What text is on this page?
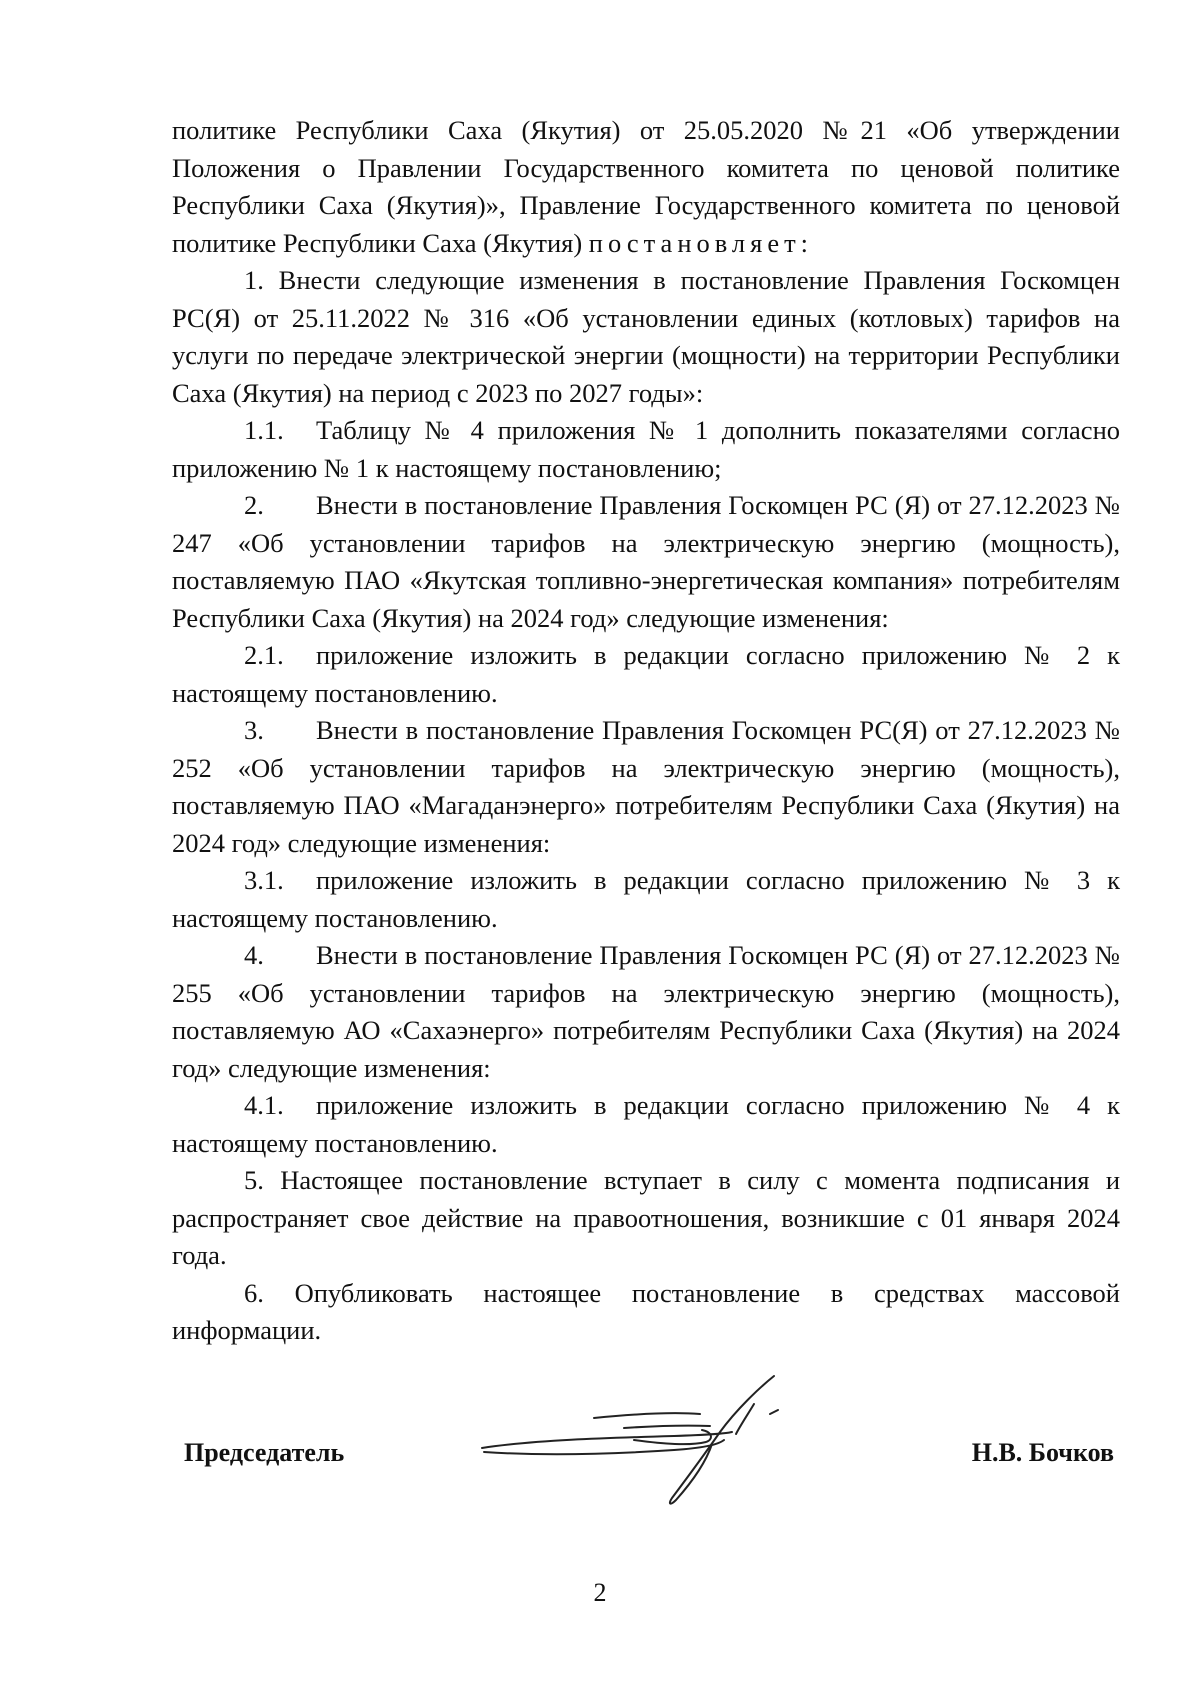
политике Республики Саха (Якутия) от 25.05.2020 №21 «Об утверждении Положения о Правлении Государственного комитета по ценовой политике Республики Саха (Якутия)», Правление Государственного комитета по ценовой политике Республики Саха (Якутия) постановляет:

1. Внести следующие изменения в постановление Правления Госкомцен РС(Я) от 25.11.2022 № 316 «Об установлении единых (котловых) тарифов на услуги по передаче электрической энергии (мощности) на территории Республики Саха (Якутия) на период с 2023 по 2027 годы»:

1.1. Таблицу № 4 приложения № 1 дополнить показателями согласно приложению № 1 к настоящему постановлению;

2. Внести в постановление Правления Госкомцен РС (Я) от 27.12.2023 № 247 «Об установлении тарифов на электрическую энергию (мощность), поставляемую ПАО «Якутская топливно-энергетическая компания» потребителям Республики Саха (Якутия) на 2024 год» следующие изменения:

2.1. приложение изложить в редакции согласно приложению № 2 к настоящему постановлению.

3. Внести в постановление Правления Госкомцен РС(Я) от 27.12.2023 № 252 «Об установлении тарифов на электрическую энергию (мощность), поставляемую ПАО «Магаданэнерго» потребителям Республики Саха (Якутия) на 2024 год» следующие изменения:

3.1. приложение изложить в редакции согласно приложению № 3 к настоящему постановлению.

4. Внести в постановление Правления Госкомцен РС (Я) от 27.12.2023 № 255 «Об установлении тарифов на электрическую энергию (мощность), поставляемую АО «Сахаэнерго» потребителям Республики Саха (Якутия) на 2024 год» следующие изменения:

4.1. приложение изложить в редакции согласно приложению № 4 к настоящему постановлению.

5. Настоящее постановление вступает в силу с момента подписания и распространяет свое действие на правоотношения, возникшие с 01 января 2024 года.

6. Опубликовать настоящее постановление в средствах массовой информации.

Председатель	Н.В. Бочков
2
